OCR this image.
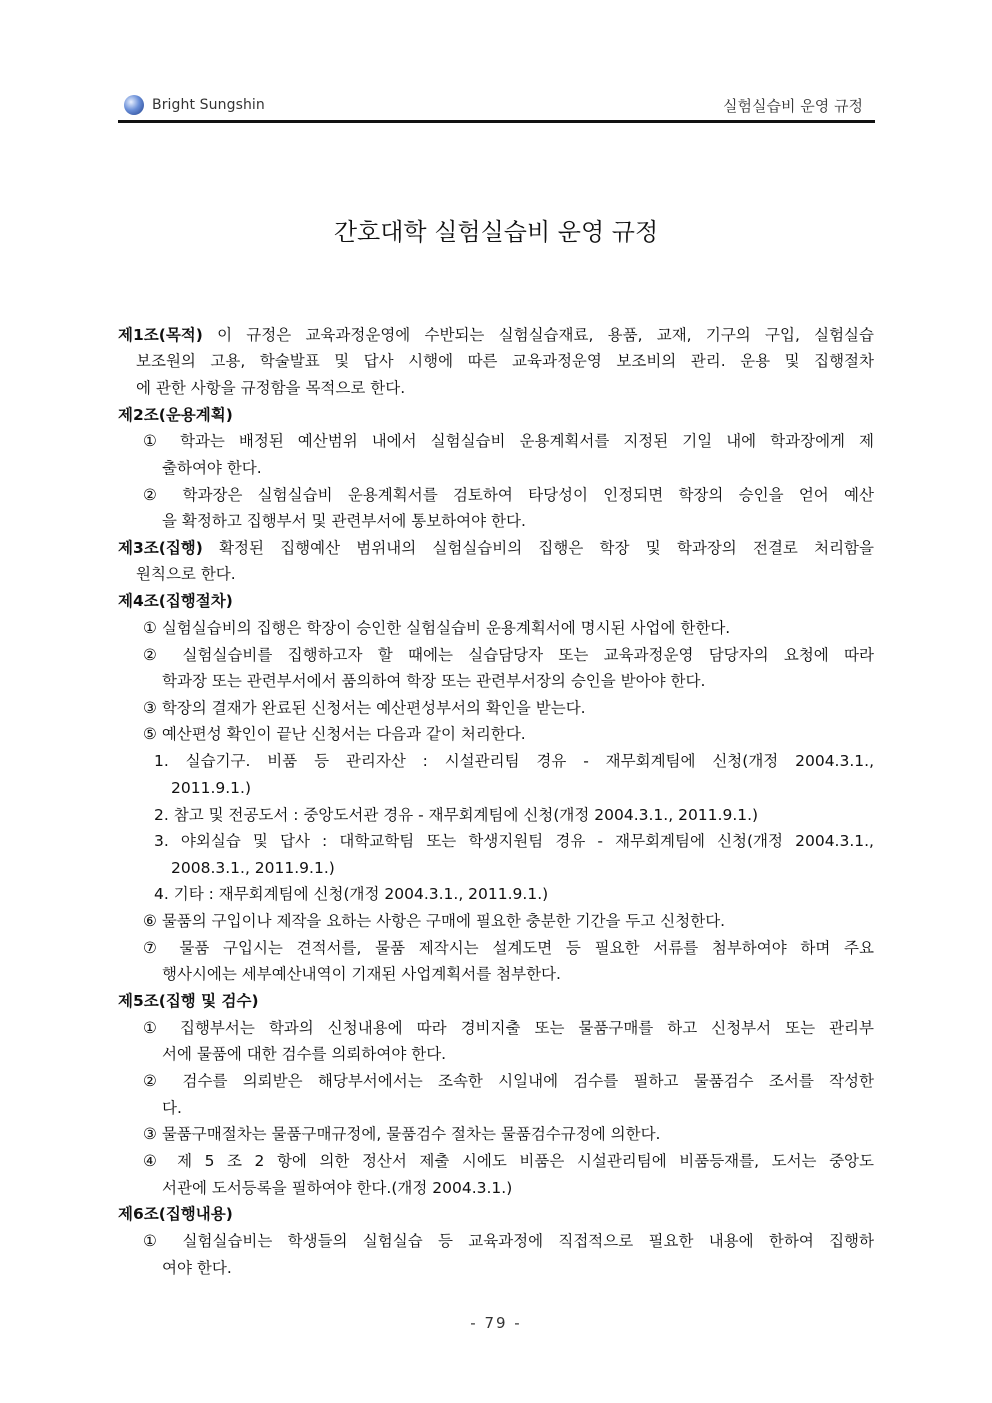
Bright Sungshin	실험실습비 운영 규정
간호대학 실험실습비 운영 규정
제1조(목적) 이 규정은 교육과정운영에 수반되는 실험실습재료, 용품, 교재, 기구의 구입, 실험실습
보조원의 고용, 학술발표 및 답사 시행에 따른 교육과정운영 보조비의 관리. 운용 및 집행절차
에 관한 사항을 규정함을 목적으로 한다.
제2조(운용계획)
① 학과는 배정된 예산범위 내에서 실험실습비 운용계획서를 지정된 기일 내에 학과장에게 제
출하여야 한다.
② 학과장은 실험실습비 운용계획서를 검토하여 타당성이 인정되면 학장의 승인을 얻어 예산
을 확정하고 집행부서 및 관련부서에 통보하여야 한다.
제3조(집행) 확정된 집행예산 범위내의 실험실습비의 집행은 학장 및 학과장의 전결로 처리함을
원칙으로 한다.
제4조(집행절차)
① 실험실습비의 집행은 학장이 승인한 실험실습비 운용계획서에 명시된 사업에 한한다.
② 실험실습비를 집행하고자 할 때에는 실습담당자 또는 교육과정운영 담당자의 요청에 따라
학과장 또는 관련부서에서 품의하여 학장 또는 관련부서장의 승인을 받아야 한다.
③ 학장의 결재가 완료된 신청서는 예산편성부서의 확인을 받는다.
⑤ 예산편성 확인이 끝난 신청서는 다음과 같이 처리한다.
1. 실습기구. 비품 등 관리자산 : 시설관리팀 경유 - 재무회계팀에 신청(개정 2004.3.1.,
2011.9.1.)
2. 참고 및 전공도서 : 중앙도서관 경유 - 재무회계팀에 신청(개정 2004.3.1., 2011.9.1.)
3. 야외실습 및 답사 : 대학교학팀 또는 학생지원팀 경유 - 재무회계팀에 신청(개정 2004.3.1.,
2008.3.1., 2011.9.1.)
4. 기타 : 재무회계팀에 신청(개정 2004.3.1., 2011.9.1.)
⑥ 물품의 구입이나 제작을 요하는 사항은 구매에 필요한 충분한 기간을 두고 신청한다.
⑦ 물품 구입시는 견적서를, 물품 제작시는 설계도면 등 필요한 서류를 첨부하여야 하며 주요
행사시에는 세부예산내역이 기재된 사업계획서를 첨부한다.
제5조(집행 및 검수)
① 집행부서는 학과의 신청내용에 따라 경비지출 또는 물품구매를 하고 신청부서 또는 관리부
서에 물품에 대한 검수를 의뢰하여야 한다.
② 검수를 의뢰받은 해당부서에서는 조속한 시일내에 검수를 필하고 물품검수 조서를 작성한
다.
③ 물품구매절차는 물품구매규정에, 물품검수 절차는 물품검수규정에 의한다.
④ 제 5 조 2 항에 의한 정산서 제출 시에도 비품은 시설관리팀에 비품등재를, 도서는 중앙도
서관에 도서등록을 필하여야 한다.(개정 2004.3.1.)
제6조(집행내용)
① 실험실습비는 학생들의 실험실습 등 교육과정에 직접적으로 필요한 내용에 한하여 집행하
여야 한다.
- 79 -
